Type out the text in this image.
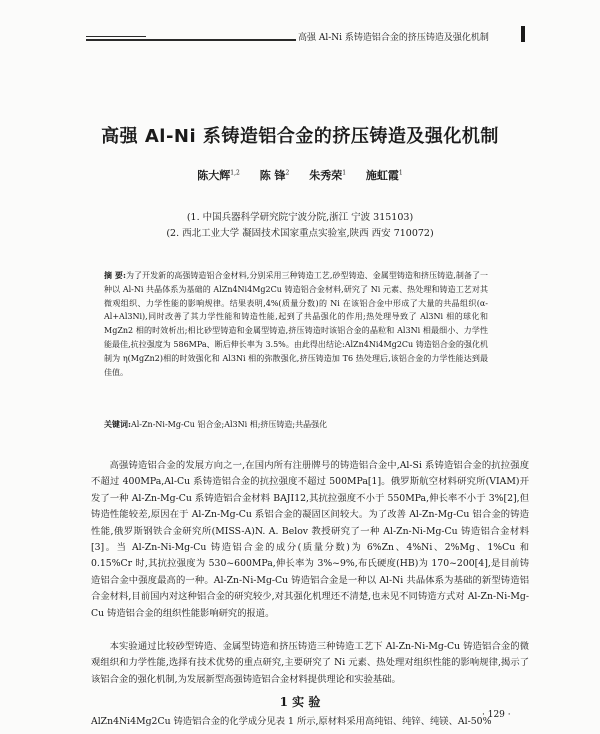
高强 Al-Ni 系铸造铝合金的挤压铸造及强化机制
高强 Al-Ni 系铸造铝合金的挤压铸造及强化机制
陈大辉$^{1,2}$ 陈 锋$^2$ 朱秀荣$^1$ 施虹霞$^1$
(1. 中国兵器科学研究院宁波分院,浙江 宁波 315103)
(2. 西北工业大学 凝固技术国家重点实验室,陕西 西安 710072)
摘 要:为了开发新的高强铸造铝合金材料,分别采用三种铸造工艺,砂型铸造、金属型铸造和挤压铸造,制备了一种以 Al-Ni 共晶体系为基础的 AlZn4Ni4Mg2Cu 铸造铝合金材料,研究了 Ni 元素、热处理和铸造工艺对其微观组织、力学性能的影响规律。结果表明,4%(质量分数)的 Ni 在该铝合金中形成了大量的共晶组织(α-Al+Al3Ni),同时改善了其力学性能和铸造性能,起到了共晶强化的作用;热处理导致了 Al3Ni 相的球化和 MgZn2 相的时效析出;相比砂型铸造和金属型铸造,挤压铸造时该铝合金的晶粒和 Al3Ni 相最细小、力学性能最佳,抗拉强度为 586MPa、断后伸长率为 3.5%。由此得出结论:AlZn4Ni4Mg2Cu 铸造铝合金的强化机制为 η(MgZn2)相的时效强化和 Al3Ni 相的弥散强化,挤压铸造加 T6 热处理后,该铝合金的力学性能达到最佳值。
关键词:Al-Zn-Ni-Mg-Cu 铝合金;Al3Ni 相;挤压铸造;共晶强化
高强铸造铝合金的发展方向之一,在国内所有注册牌号的铸造铝合金中,Al-Si 系铸造铝合金的抗拉强度不超过 400MPa,Al-Cu 系铸造铝合金的抗拉强度不超过 500MPa[1]。俄罗斯航空材料研究所(VIAM)开发了一种 Al-Zn-Mg-Cu 系铸造铝合金材料 BAJI12,其抗拉强度不小于 550MPa,伸长率不小于 3%[2],但铸造性能较差,原因在于 Al-Zn-Mg-Cu 系铝合金的凝固区间较大。为了改善 Al-Zn-Mg-Cu 铝合金的铸造性能,俄罗斯钢铁合金研究所(MISS-A)N. A. Belov 教授研究了一种 Al-Zn-Ni-Mg-Cu 铸造铝合金材料[3]。当 Al-Zn-Ni-Mg-Cu 铸造铝合金的成分(质量分数)为 6%Zn、4%Ni、2%Mg、1%Cu 和 0.15%Cr 时,其抗拉强度为 530~600MPa,伸长率为 3%~9%,布氏硬度(HB)为 170~200[4],是目前铸造铝合金中强度最高的一种。Al-Zn-Ni-Mg-Cu 铸造铝合金是一种以 Al-Ni 共晶体系为基础的新型铸造铝合金材料,目前国内对这种铝合金的研究较少,对其强化机理还不清楚,也未见不同铸造方式对 Al-Zn-Ni-Mg-Cu 铸造铝合金的组织性能影响研究的报道。
本实验通过比较砂型铸造、金属型铸造和挤压铸造三种铸造工艺下 Al-Zn-Ni-Mg-Cu 铸造铝合金的微观组织和力学性能,选择有技术优势的重点研究,主要研究了 Ni 元素、热处理对组织性能的影响规律,揭示了该铝合金的强化机制,为发展新型高强铸造铝合金材料提供理论和实验基础。
1 实 验
AlZn4Ni4Mg2Cu 铸造铝合金的化学成分见表 1 所示,原材料采用高纯铝、纯锌、纯镁、Al-50%
· 129 ·
